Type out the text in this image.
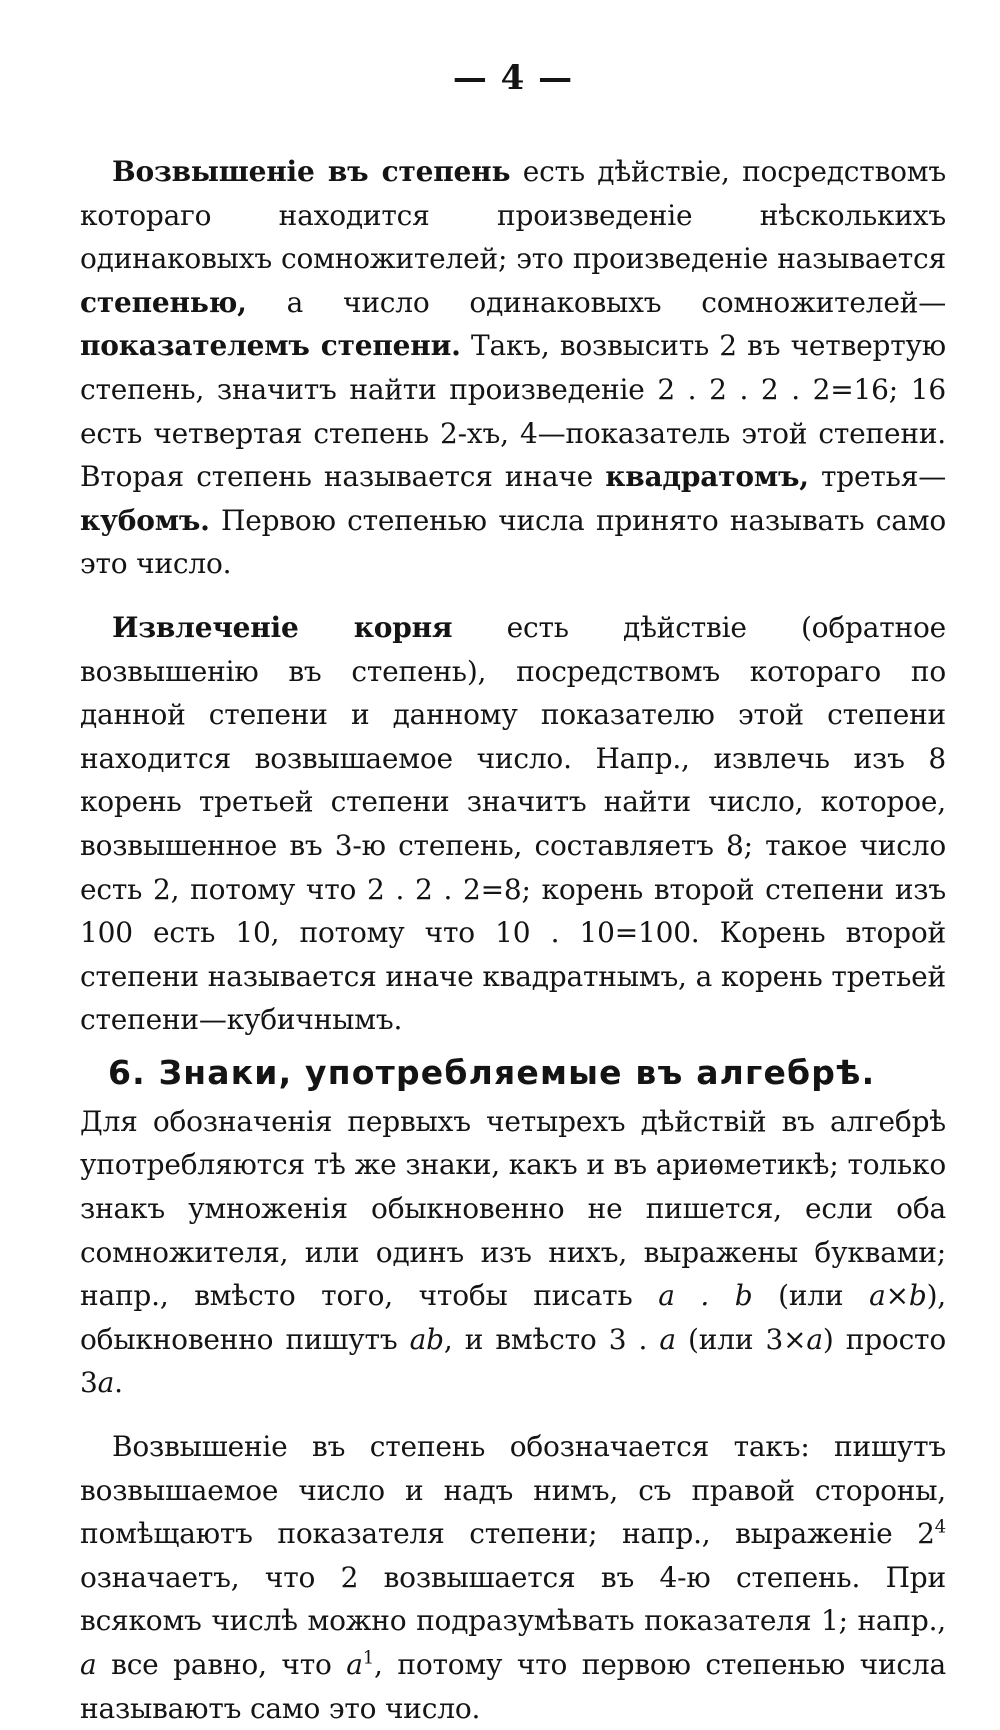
— 4 —

Возвышеніе въ степень есть дѣйствіе, посредствомъ котораго находится произведеніе нѣсколькихъ одинаковыхъ сомножителей; это произведеніе называется степенью, а число одинаковыхъ сомножителей—показателемъ степени. Такъ, возвысить 2 въ четвертую степень, значитъ найти произведеніе 2 . 2 . 2 . 2=16; 16 есть четвертая степень 2-хъ, 4—показатель этой степени. Вторая степень называется иначе квадратомъ, третья—кубомъ. Первою степенью числа принято называть само это число.

Извлеченіе корня есть дѣйствіе (обратное возвышенію въ степень), посредствомъ котораго по данной степени и данному показателю этой степени находится возвышаемое число. Напр., извлечь изъ 8 корень третьей степени значитъ найти число, которое, возвышенное въ 3-ю степень, составляетъ 8; такое число есть 2, потому что 2 . 2 . 2=8; корень второй степени изъ 100 есть 10, потому что 10 . 10=100. Корень второй степени называется иначе квадратнымъ, а корень третьей степени—кубичнымъ.

6. Знаки, употребляемые въ алгебрѣ.

Для обозначенія первыхъ четырехъ дѣйствій въ алгебрѣ употребляются тѣ же знаки, какъ и въ ариѳметикѣ; только знакъ умноженія обыкновенно не пишется, если оба сомножителя, или одинъ изъ нихъ, выражены буквами; напр., вмѣсто того, чтобы писать a . b (или a×b), обыкновенно пишутъ ab, и вмѣсто 3 . a (или 3×a) просто 3a.

Возвышеніе въ степень обозначается такъ: пишутъ возвышаемое число и надъ нимъ, съ правой стороны, помѣщаютъ показателя степени; напр., выраженіе $2^4$ означаетъ, что 2 возвышается въ 4-ю степень. При всякомъ числѣ можно подразумѣвать показателя 1; напр., a все равно, что $a^1$, потому что первою степенью числа называютъ само это число.
